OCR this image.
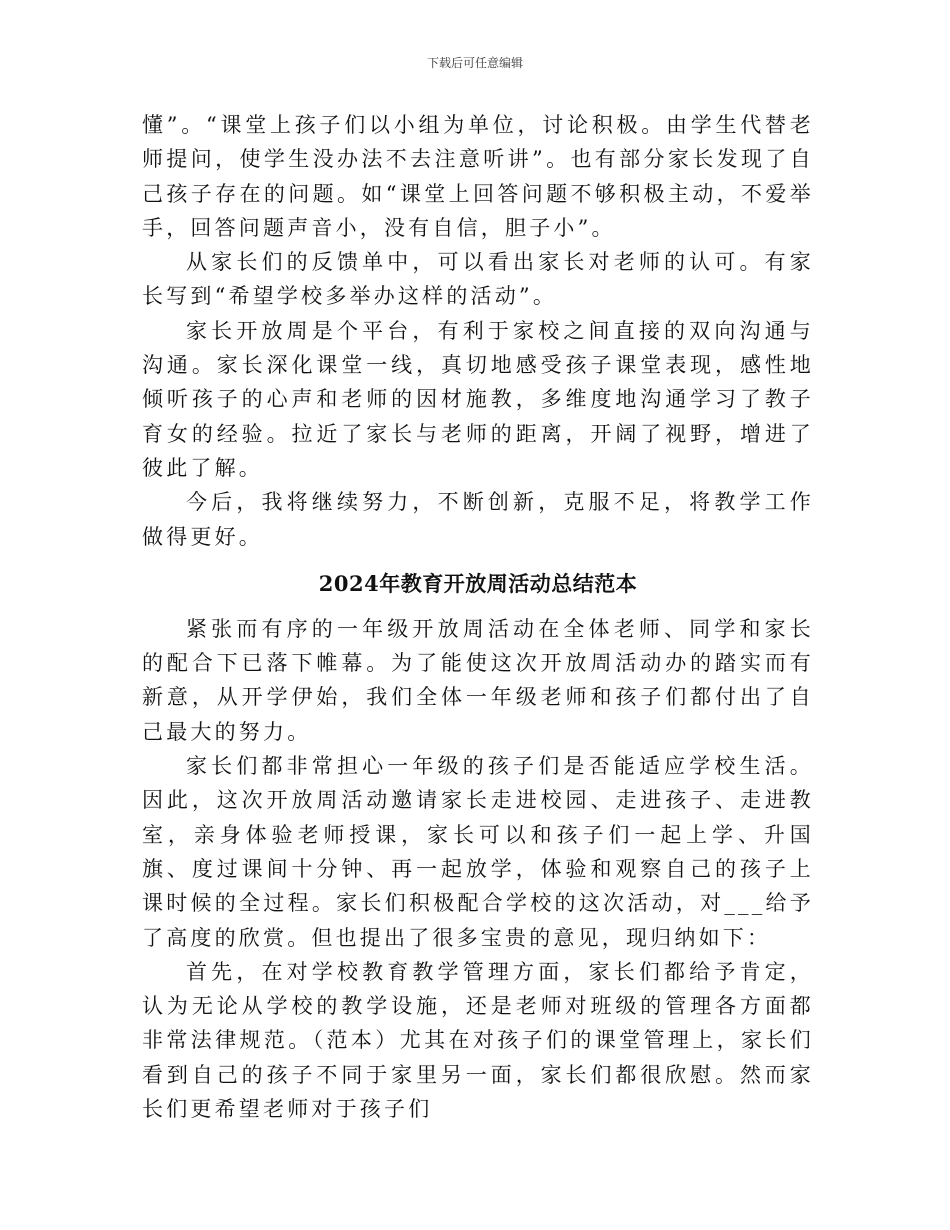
下载后可任意编辑

懂”。“课堂上孩子们以小组为单位，讨论积极。由学生代替老师提问，使学生没办法不去注意听讲”。也有部分家长发现了自己孩子存在的问题。如“课堂上回答问题不够积极主动，不爱举手，回答问题声音小，没有自信，胆子小”。

从家长们的反馈单中，可以看出家长对老师的认可。有家长写到“希望学校多举办这样的活动”。

家长开放周是个平台，有利于家校之间直接的双向沟通与沟通。家长深化课堂一线，真切地感受孩子课堂表现，感性地倾听孩子的心声和老师的因材施教，多维度地沟通学习了教子育女的经验。拉近了家长与老师的距离，开阔了视野，增进了彼此了解。

今后，我将继续努力，不断创新，克服不足，将教学工作做得更好。

2024年教育开放周活动总结范本

紧张而有序的一年级开放周活动在全体老师、同学和家长的配合下已落下帷幕。为了能使这次开放周活动办的踏实而有新意，从开学伊始，我们全体一年级老师和孩子们都付出了自己最大的努力。

家长们都非常担心一年级的孩子们是否能适应学校生活。因此，这次开放周活动邀请家长走进校园、走进孩子、走进教室，亲身体验老师授课，家长可以和孩子们一起上学、升国旗、度过课间十分钟、再一起放学，体验和观察自己的孩子上课时候的全过程。家长们积极配合学校的这次活动，对___给予了高度的欣赏。但也提出了很多宝贵的意见，现归纳如下：

首先，在对学校教育教学管理方面，家长们都给予肯定，认为无论从学校的教学设施，还是老师对班级的管理各方面都非常法律规范。（范本）尤其在对孩子们的课堂管理上，家长们看到自己的孩子不同于家里另一面，家长们都很欣慰。然而家长们更希望老师对于孩子们
